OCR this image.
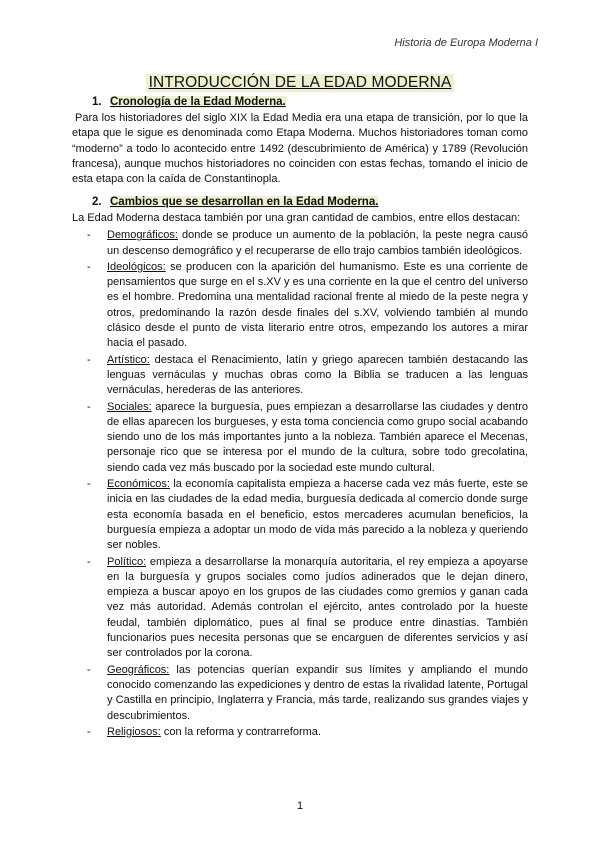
Historia de Europa Moderna I
INTRODUCCIÓN DE LA EDAD MODERNA
1. Cronología de la Edad Moderna.

Para los historiadores del siglo XIX la Edad Media era una etapa de transición, por lo que la etapa que le sigue es denominada como Etapa Moderna. Muchos historiadores toman como “moderno” a todo lo acontecido entre 1492 (descubrimiento de América) y 1789 (Revolución francesa), aunque muchos historiadores no coinciden con estas fechas, tomando el inicio de esta etapa con la caída de Constantinopla.

2. Cambios que se desarrollan en la Edad Moderna.

La Edad Moderna destaca también por una gran cantidad de cambios, entre ellos destacan:

- Demográficos: donde se produce un aumento de la población, la peste negra causó un descenso demográfico y el recuperarse de ello trajo cambios también ideológicos.
- Ideológicos: se producen con la aparición del humanismo. Este es una corriente de pensamientos que surge en el s.XV y es una corriente en la que el centro del universo es el hombre. Predomina una mentalidad racional frente al miedo de la peste negra y otros, predominando la razón desde finales del s.XV, volviendo también al mundo clásico desde el punto de vista literario entre otros, empezando los autores a mirar hacia el pasado.
- Artístico: destaca el Renacimiento, latín y griego aparecen también destacando las lenguas vernáculas y muchas obras como la Biblia se traducen a las lenguas vernáculas, herederas de las anteriores.
- Sociales: aparece la burguesía, pues empiezan a desarrollarse las ciudades y dentro de ellas aparecen los burgueses, y esta toma conciencia como grupo social acabando siendo uno de los más importantes junto a la nobleza. También aparece el Mecenas, personaje rico que se interesa por el mundo de la cultura, sobre todo grecolatina, siendo cada vez más buscado por la sociedad este mundo cultural.
- Económicos: la economía capitalista empieza a hacerse cada vez más fuerte, este se inicia en las ciudades de la edad media, burguesía dedicada al comercio donde surge esta economía basada en el beneficio, estos mercaderes acumulan beneficios, la burguesía empieza a adoptar un modo de vida más parecido a la nobleza y queriendo ser nobles.
- Político: empieza a desarrollarse la monarquía autoritaria, el rey empieza a apoyarse en la burguesía y grupos sociales como judíos adinerados que le dejan dinero, empieza a buscar apoyo en los grupos de las ciudades como gremios y ganan cada vez más autoridad. Además controlan el ejército, antes controlado por la hueste feudal, también diplomático, pues al final se produce entre dinastías. También funcionarios pues necesita personas que se encarguen de diferentes servicios y así ser controlados por la corona.
- Geográficos: las potencias querían expandir sus límites y ampliando el mundo conocido comenzando las expediciones y dentro de estas la rivalidad latente, Portugal y Castilla en principio, Inglaterra y Francia, más tarde, realizando sus grandes viajes y descubrimientos.
- Religiosos: con la reforma y contrarreforma.
1
